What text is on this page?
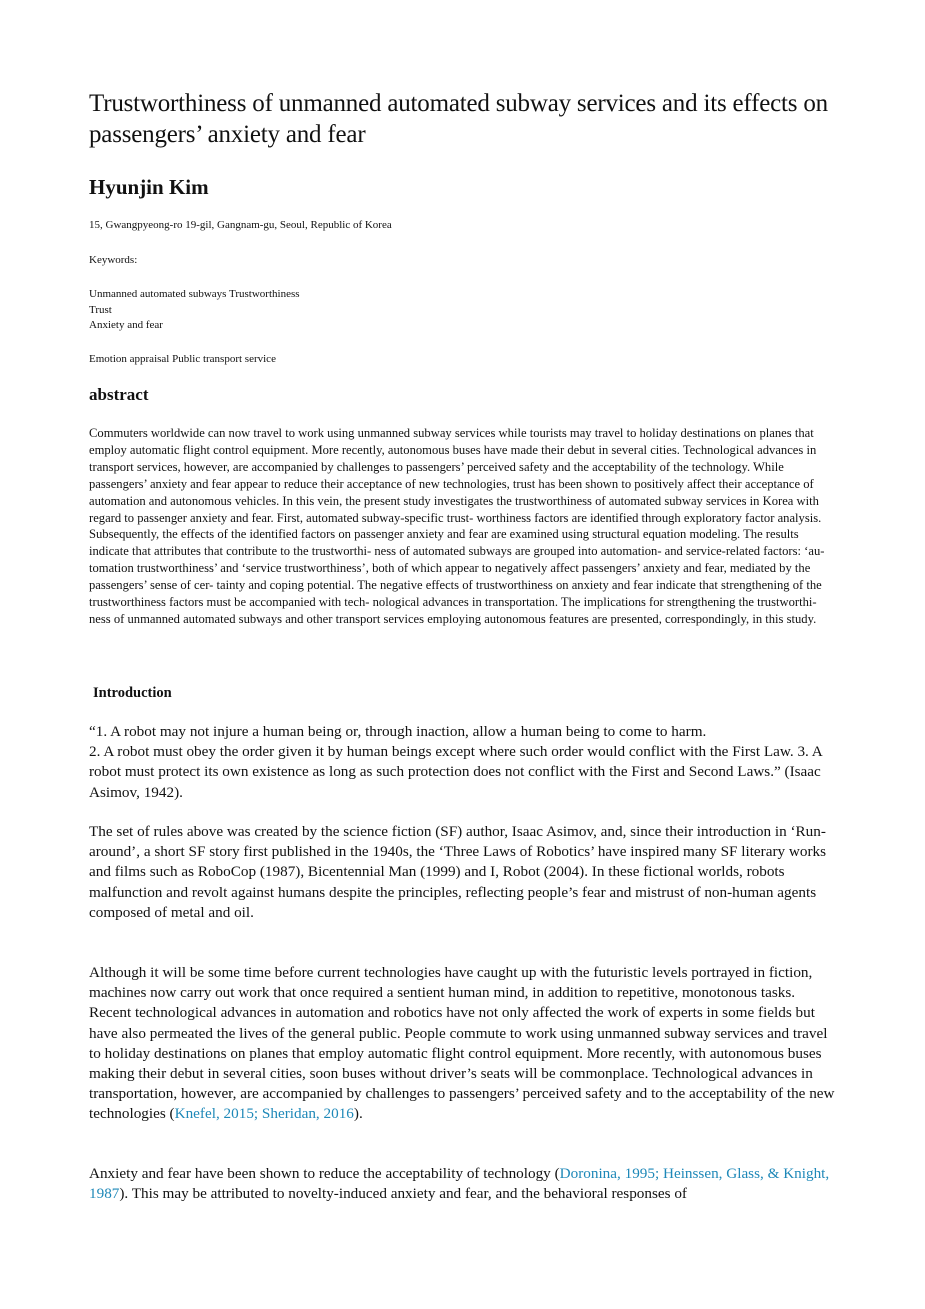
Trustworthiness of unmanned automated subway services and its effects on passengers’ anxiety and fear
Hyunjin Kim
15, Gwangpyeong-ro 19-gil, Gangnam-gu, Seoul, Republic of Korea
Keywords:
Unmanned automated subways Trustworthiness
Trust
Anxiety and fear
Emotion appraisal Public transport service
abstract

Commuters worldwide can now travel to work using unmanned subway services while tourists may travel to holiday destinations on planes that employ automatic flight control equipment. More recently, autonomous buses have made their debut in several cities. Technological advances in transport services, however, are accompanied by challenges to passengers’ perceived safety and the acceptability of the technology. While passengers’ anxiety and fear appear to reduce their acceptance of new technologies, trust has been shown to positively affect their acceptance of automation and autonomous vehicles. In this vein, the present study investigates the trustworthiness of automated subway services in Korea with regard to passenger anxiety and fear. First, automated subway-specific trust- worthiness factors are identified through exploratory factor analysis. Subsequently, the effects of the identified factors on passenger anxiety and fear are examined using structural equation modeling. The results indicate that attributes that contribute to the trustworthi- ness of automated subways are grouped into automation- and service-related factors: ‘au- tomation trustworthiness’ and ‘service trustworthiness’, both of which appear to negatively affect passengers’ anxiety and fear, mediated by the passengers’ sense of cer- tainty and coping potential. The negative effects of trustworthiness on anxiety and fear indicate that strengthening of the trustworthiness factors must be accompanied with tech- nological advances in transportation. The implications for strengthening the trustworthi- ness of unmanned automated subways and other transport services employing autonomous features are presented, correspondingly, in this study.

Introduction

“1. A robot may not injure a human being or, through inaction, allow a human being to come to harm.
2. A robot must obey the order given it by human beings except where such order would conflict with the First Law. 3. A robot must protect its own existence as long as such protection does not conflict with the First and Second Laws.” (Isaac Asimov, 1942).

The set of rules above was created by the science fiction (SF) author, Isaac Asimov, and, since their introduction in ‘Run- around’, a short SF story first published in the 1940s, the ‘Three Laws of Robotics’ have inspired many SF literary works and films such as RoboCop (1987), Bicentennial Man (1999) and I, Robot (2004). In these fictional worlds, robots malfunction and revolt against humans despite the principles, reflecting people’s fear and mistrust of non-human agents composed of metal and oil.

Although it will be some time before current technologies have caught up with the futuristic levels portrayed in fiction, machines now carry out work that once required a sentient human mind, in addition to repetitive, monotonous tasks. Recent technological advances in automation and robotics have not only affected the work of experts in some fields but have also permeated the lives of the general public. People commute to work using unmanned subway services and travel to holiday destinations on planes that employ automatic flight control equipment. More recently, with autonomous buses making their debut in several cities, soon buses without driver’s seats will be commonplace. Technological advances in transportation, however, are accompanied by challenges to passengers’ perceived safety and to the acceptability of the new technologies (Knefel, 2015; Sheridan, 2016).

Anxiety and fear have been shown to reduce the acceptability of technology (Doronina, 1995; Heinssen, Glass, & Knight, 1987). This may be attributed to novelty-induced anxiety and fear, and the behavioral responses of
